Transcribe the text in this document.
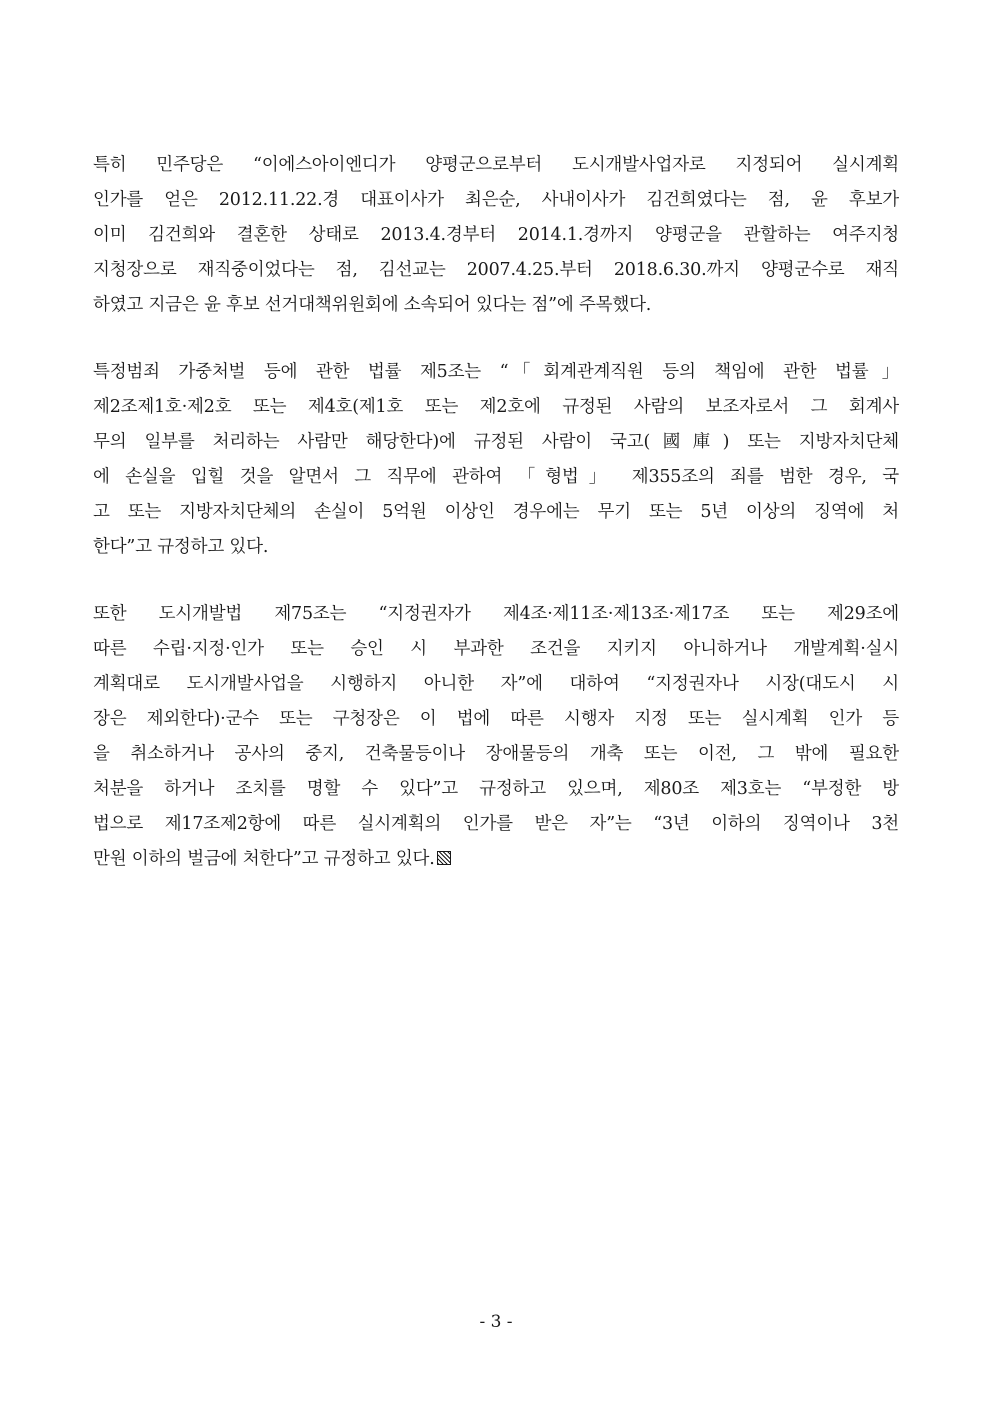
특히 민주당은 “이에스아이엔디가 양평군으로부터 도시개발사업자로 지정되어 실시계획
인가를 얻은 2012.11.22.경 대표이사가 최은순, 사내이사가 김건희였다는 점, 윤 후보가
이미 김건희와 결혼한 상태로 2013.4.경부터 2014.1.경까지 양평군을 관할하는 여주지청
지청장으로 재직중이었다는 점, 김선교는 2007.4.25.부터 2018.6.30.까지 양평군수로 재직
하였고 지금은 윤 후보 선거대책위원회에 소속되어 있다는 점”에 주목했다.
특정범죄 가중처벌 등에 관한 법률 제5조는 “「회계관계직원 등의 책임에 관한 법률」
제2조제1호·제2호 또는 제4호(제1호 또는 제2호에 규정된 사람의 보조자로서 그 회계사
무의 일부를 처리하는 사람만 해당한다)에 규정된 사람이 국고(國庫) 또는 지방자치단체
에 손실을 입힐 것을 알면서 그 직무에 관하여 「형법」 제355조의 죄를 범한 경우, 국
고 또는 지방자치단체의 손실이 5억원 이상인 경우에는 무기 또는 5년 이상의 징역에 처
한다”고 규정하고 있다.
또한 도시개발법 제75조는 “지정권자가 제4조·제11조·제13조·제17조 또는 제29조에
따른 수립·지정·인가 또는 승인 시 부과한 조건을 지키지 아니하거나 개발계획·실시
계획대로 도시개발사업을 시행하지 아니한 자”에 대하여 “지정권자나 시장(대도시 시
장은 제외한다)·군수 또는 구청장은 이 법에 따른 시행자 지정 또는 실시계획 인가 등
을 취소하거나 공사의 중지, 건축물등이나 장애물등의 개축 또는 이전, 그 밖에 필요한
처분을 하거나 조치를 명할 수 있다”고 규정하고 있으며, 제80조 제3호는 “부정한 방
법으로 제17조제2항에 따른 실시계획의 인가를 받은 자”는 “3년 이하의 징역이나 3천
만원 이하의 벌금에 처한다”고 규정하고 있다.
- 3 -
